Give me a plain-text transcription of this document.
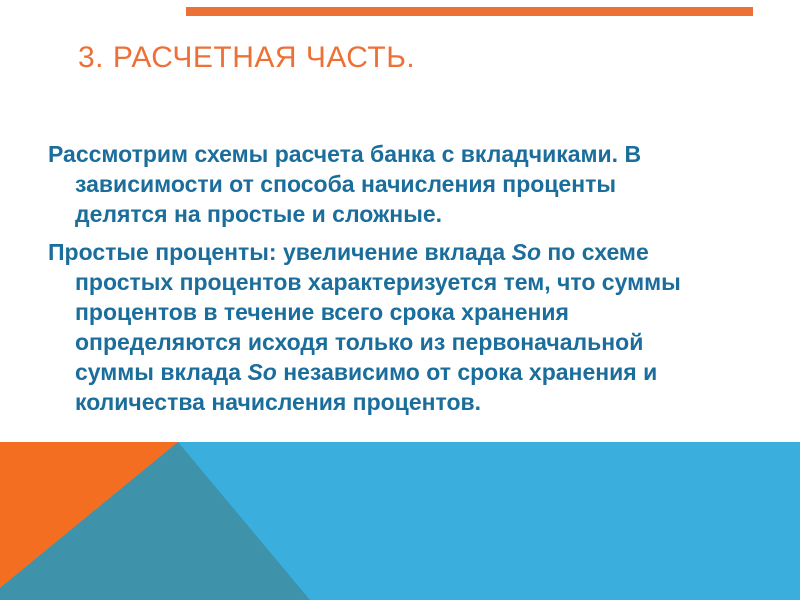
3. РАСЧЕТНАЯ ЧАСТЬ.
Рассмотрим схемы расчета банка с вкладчиками. В
зависимости от способа начисления проценты
делятся на простые и сложные.
Простые проценты: увеличение вклада So по схеме
простых процентов характеризуется тем, что суммы
процентов в течение всего срока хранения
определяются исходя только из первоначальной
суммы вклада So независимо от срока хранения и
количества начисления процентов.
